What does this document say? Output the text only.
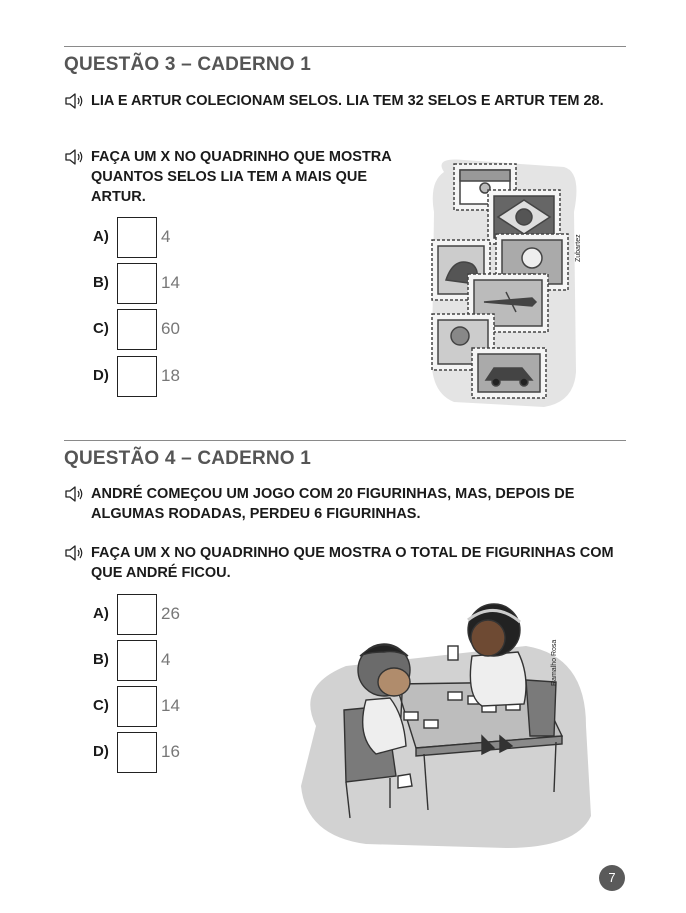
QUESTÃO 3 – CADERNO 1
LIA E ARTUR COLECIONAM SELOS. LIA TEM 32 SELOS E ARTUR TEM 28.
FAÇA UM X NO QUADRINHO QUE MOSTRA QUANTOS SELOS LIA TEM A MAIS QUE ARTUR.
A)	4
B)	14
C)	60
D)	18
Zubartez
QUESTÃO 4 – CADERNO 1
ANDRÉ COMEÇOU UM JOGO COM 20 FIGURINHAS, MAS, DEPOIS DE ALGUMAS RODADAS, PERDEU 6 FIGURINHAS.
FAÇA UM X NO QUADRINHO QUE MOSTRA O TOTAL DE FIGURINHAS COM QUE ANDRÉ FICOU.
A)	26
B)	4
C)	14
D)	16
Ramalho Rosa
7
